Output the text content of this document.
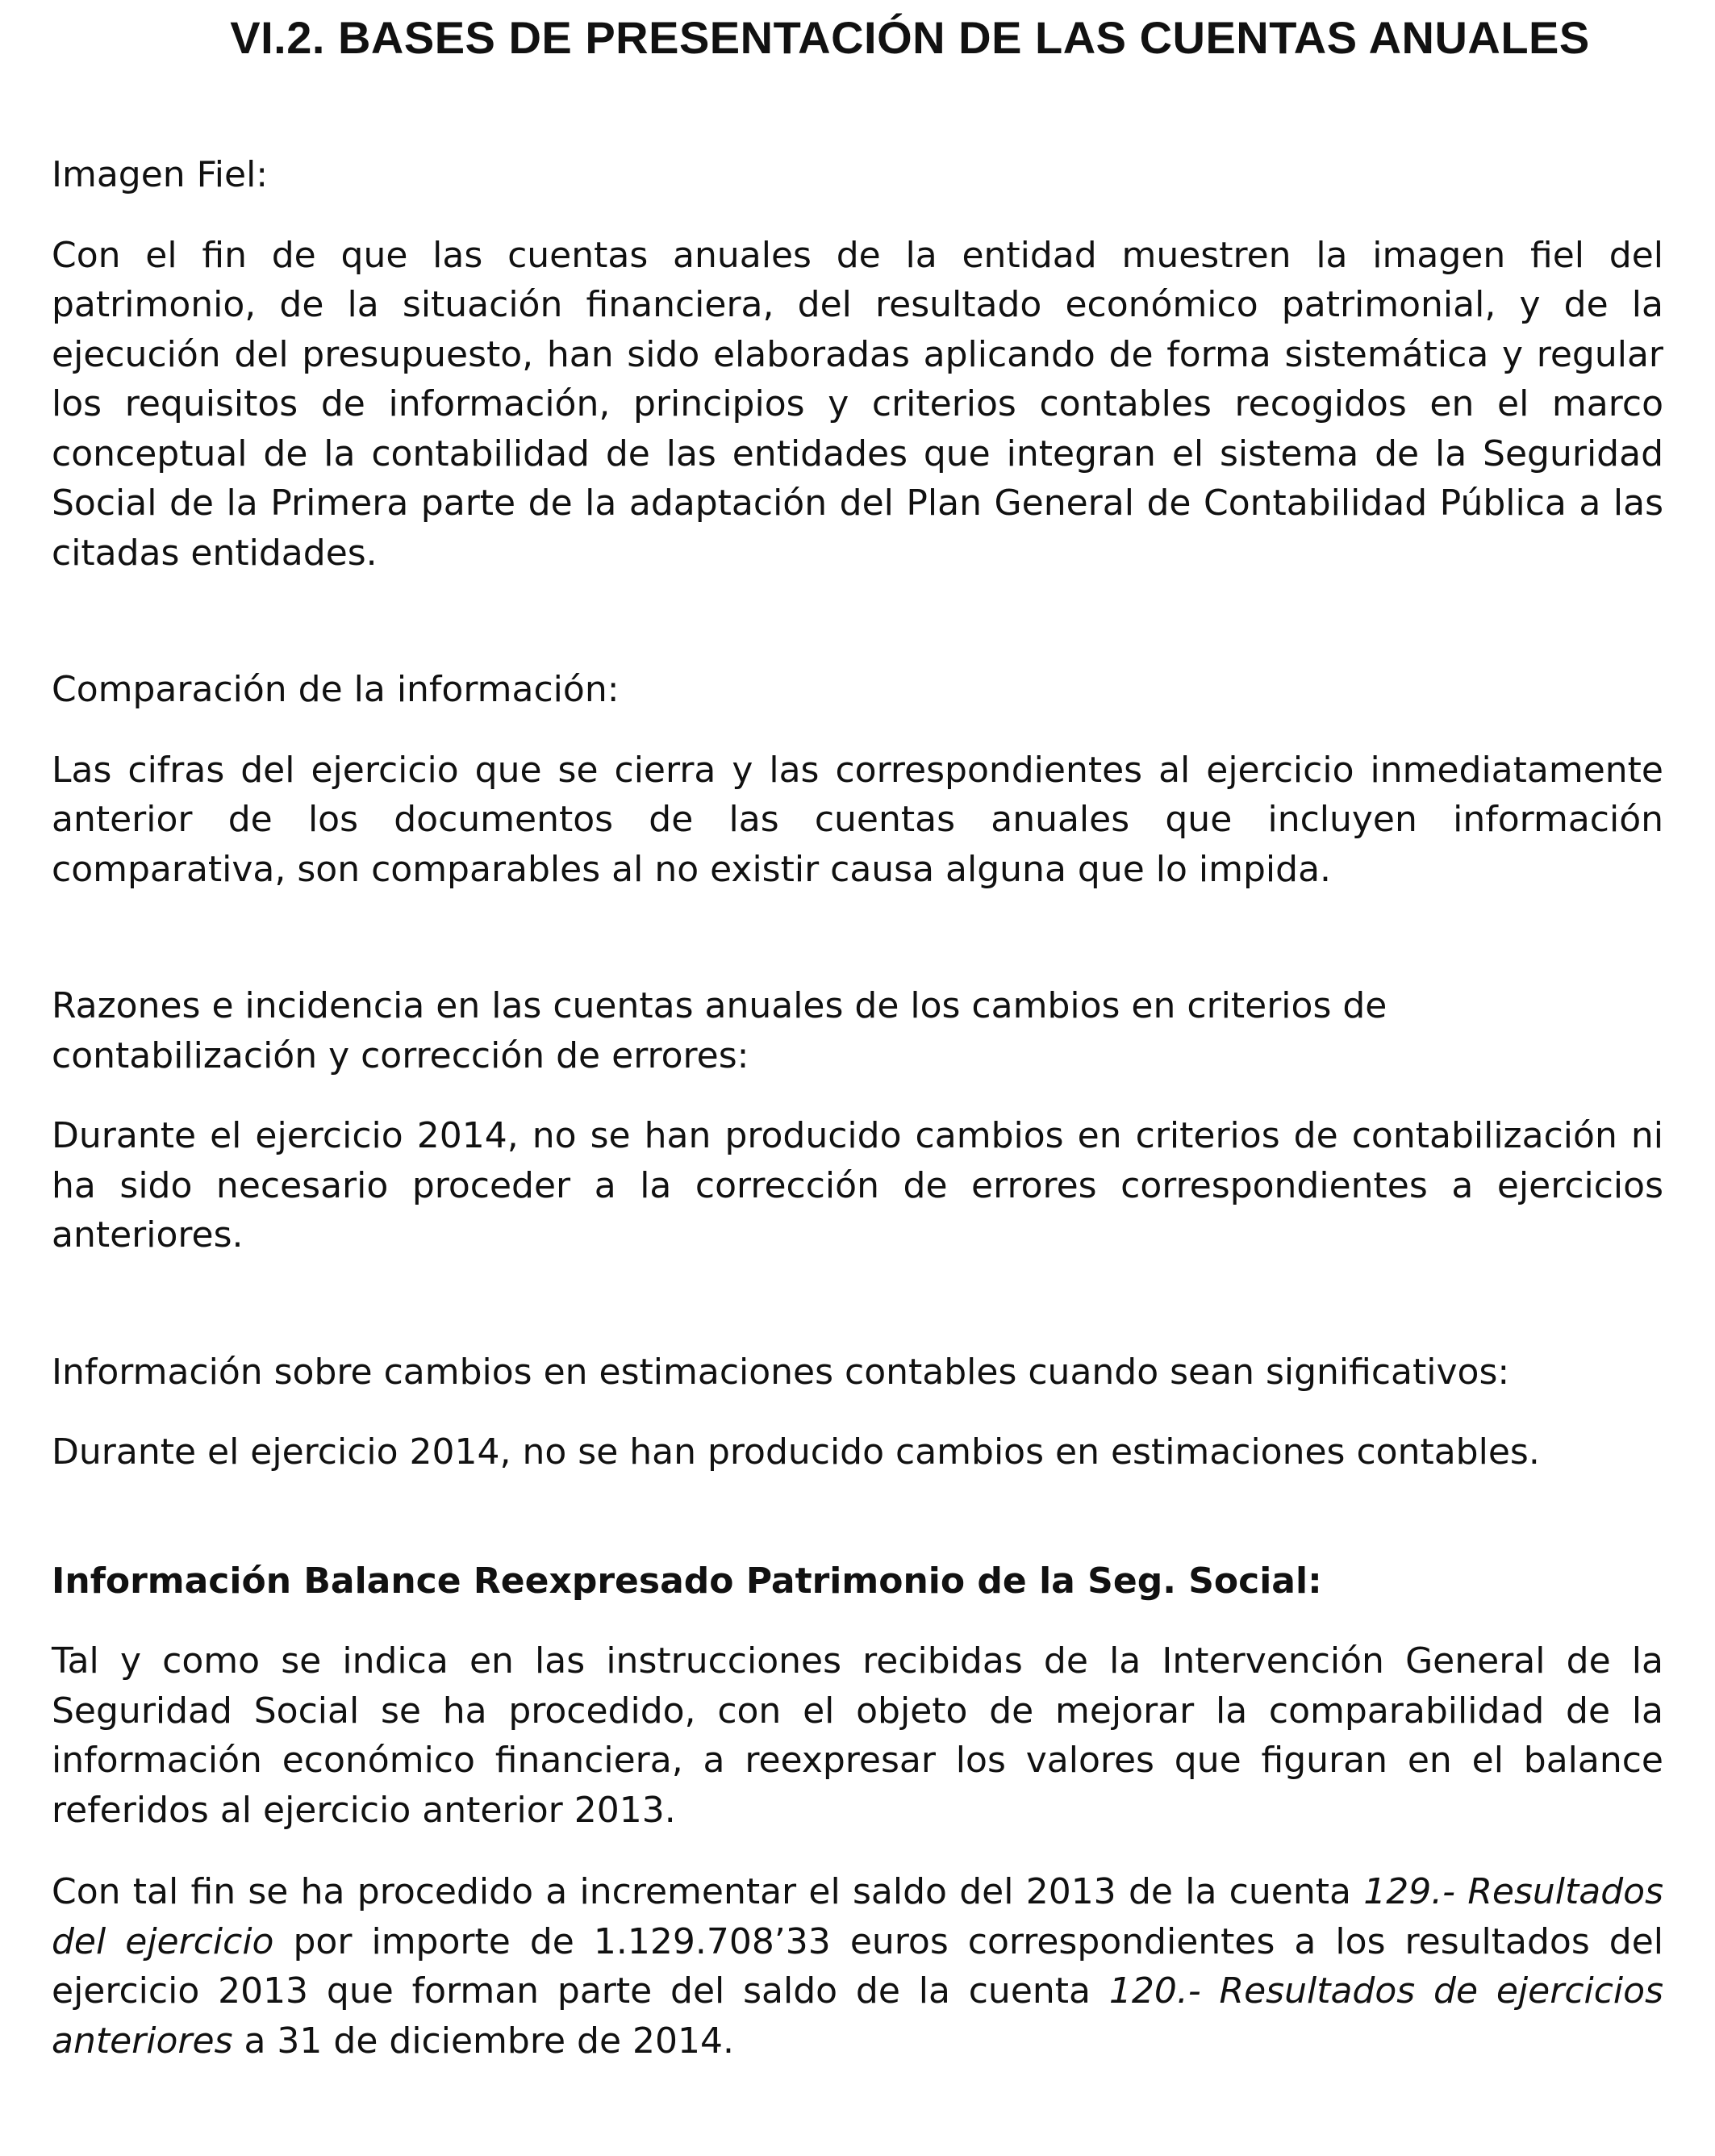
VI.2. BASES DE PRESENTACIÓN DE LAS CUENTAS ANUALES

Imagen Fiel:

Con el fin de que las cuentas anuales de la entidad muestren la imagen fiel del patrimonio, de la situación financiera, del resultado económico patrimonial, y de la ejecución del presupuesto, han sido elaboradas aplicando de forma sistemática y regular los requisitos de información, principios y criterios contables recogidos en el marco conceptual de la contabilidad de las entidades que integran el sistema de la Seguridad Social de la Primera parte de la adaptación del Plan General de Contabilidad Pública a las citadas entidades.

Comparación de la información:

Las cifras del ejercicio que se cierra y las correspondientes al ejercicio inmediatamente anterior de los documentos de las cuentas anuales que incluyen información comparativa, son comparables al no existir causa alguna que lo impida.

Razones e incidencia en las cuentas anuales de los cambios en criterios de contabilización y corrección de errores:

Durante el ejercicio 2014, no se han producido cambios en criterios de contabilización ni ha sido necesario proceder a la corrección de errores correspondientes a ejercicios anteriores.

Información sobre cambios en estimaciones contables cuando sean significativos:

Durante el ejercicio 2014, no se han producido cambios en estimaciones contables.

Información Balance Reexpresado Patrimonio de la Seg. Social:

Tal y como se indica en las instrucciones recibidas de la Intervención General de la Seguridad Social se ha procedido, con el objeto de mejorar la comparabilidad de la información económico financiera, a reexpresar los valores que figuran en el balance referidos al ejercicio anterior 2013.

Con tal fin se ha procedido a incrementar el saldo del 2013 de la cuenta 129.- Resultados del ejercicio por importe de 1.129.708’33 euros correspondientes a los resultados del ejercicio 2013 que forman parte del saldo de la cuenta 120.- Resultados de ejercicios anteriores a 31 de diciembre de 2014.
